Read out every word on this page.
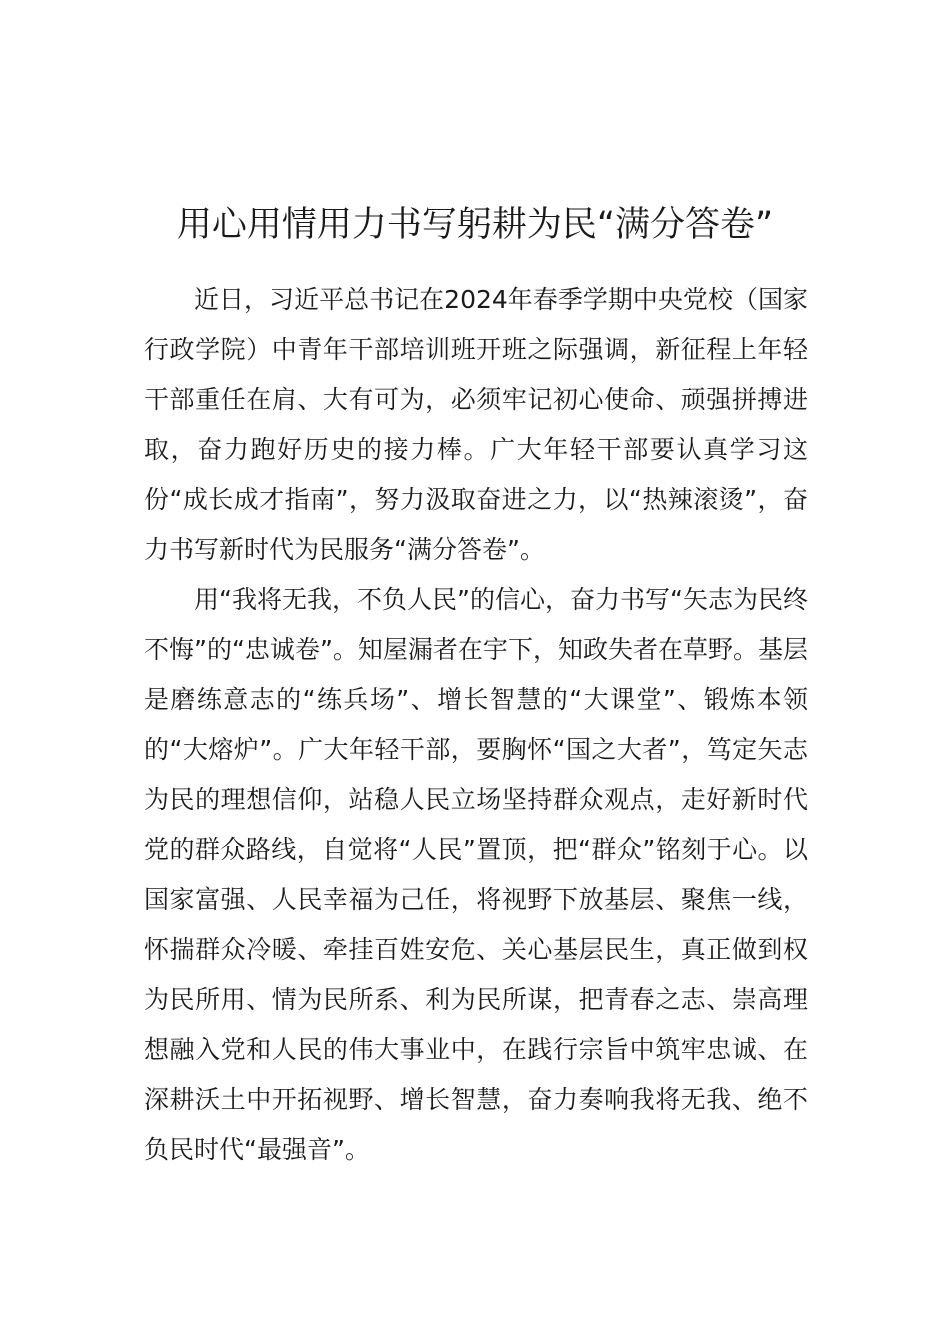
用心用情用力书写躬耕为民“满分答卷”

近日，习近平总书记在2024年春季学期中央党校（国家行政学院）中青年干部培训班开班之际强调，新征程上年轻干部重任在肩、大有可为，必须牢记初心使命、顽强拼搏进取，奋力跑好历史的接力棒。广大年轻干部要认真学习这份“成长成才指南”，努力汲取奋进之力，以“热辣滚烫”，奋力书写新时代为民服务“满分答卷”。

用“我将无我，不负人民”的信心，奋力书写“矢志为民终不悔”的“忠诚卷”。知屋漏者在宇下，知政失者在草野。基层是磨练意志的“练兵场”、增长智慧的“大课堂”、锻炼本领的“大熔炉”。广大年轻干部，要胸怀“国之大者”，笃定矢志为民的理想信仰，站稳人民立场坚持群众观点，走好新时代党的群众路线，自觉将“人民”置顶，把“群众”铭刻于心。以国家富强、人民幸福为己任，将视野下放基层、聚焦一线，怀揣群众冷暖、牵挂百姓安危、关心基层民生，真正做到权为民所用、情为民所系、利为民所谋，把青春之志、崇高理想融入党和人民的伟大事业中，在践行宗旨中筑牢忠诚、在深耕沃土中开拓视野、增长智慧，奋力奏响我将无我、绝不负民时代“最强音”。
